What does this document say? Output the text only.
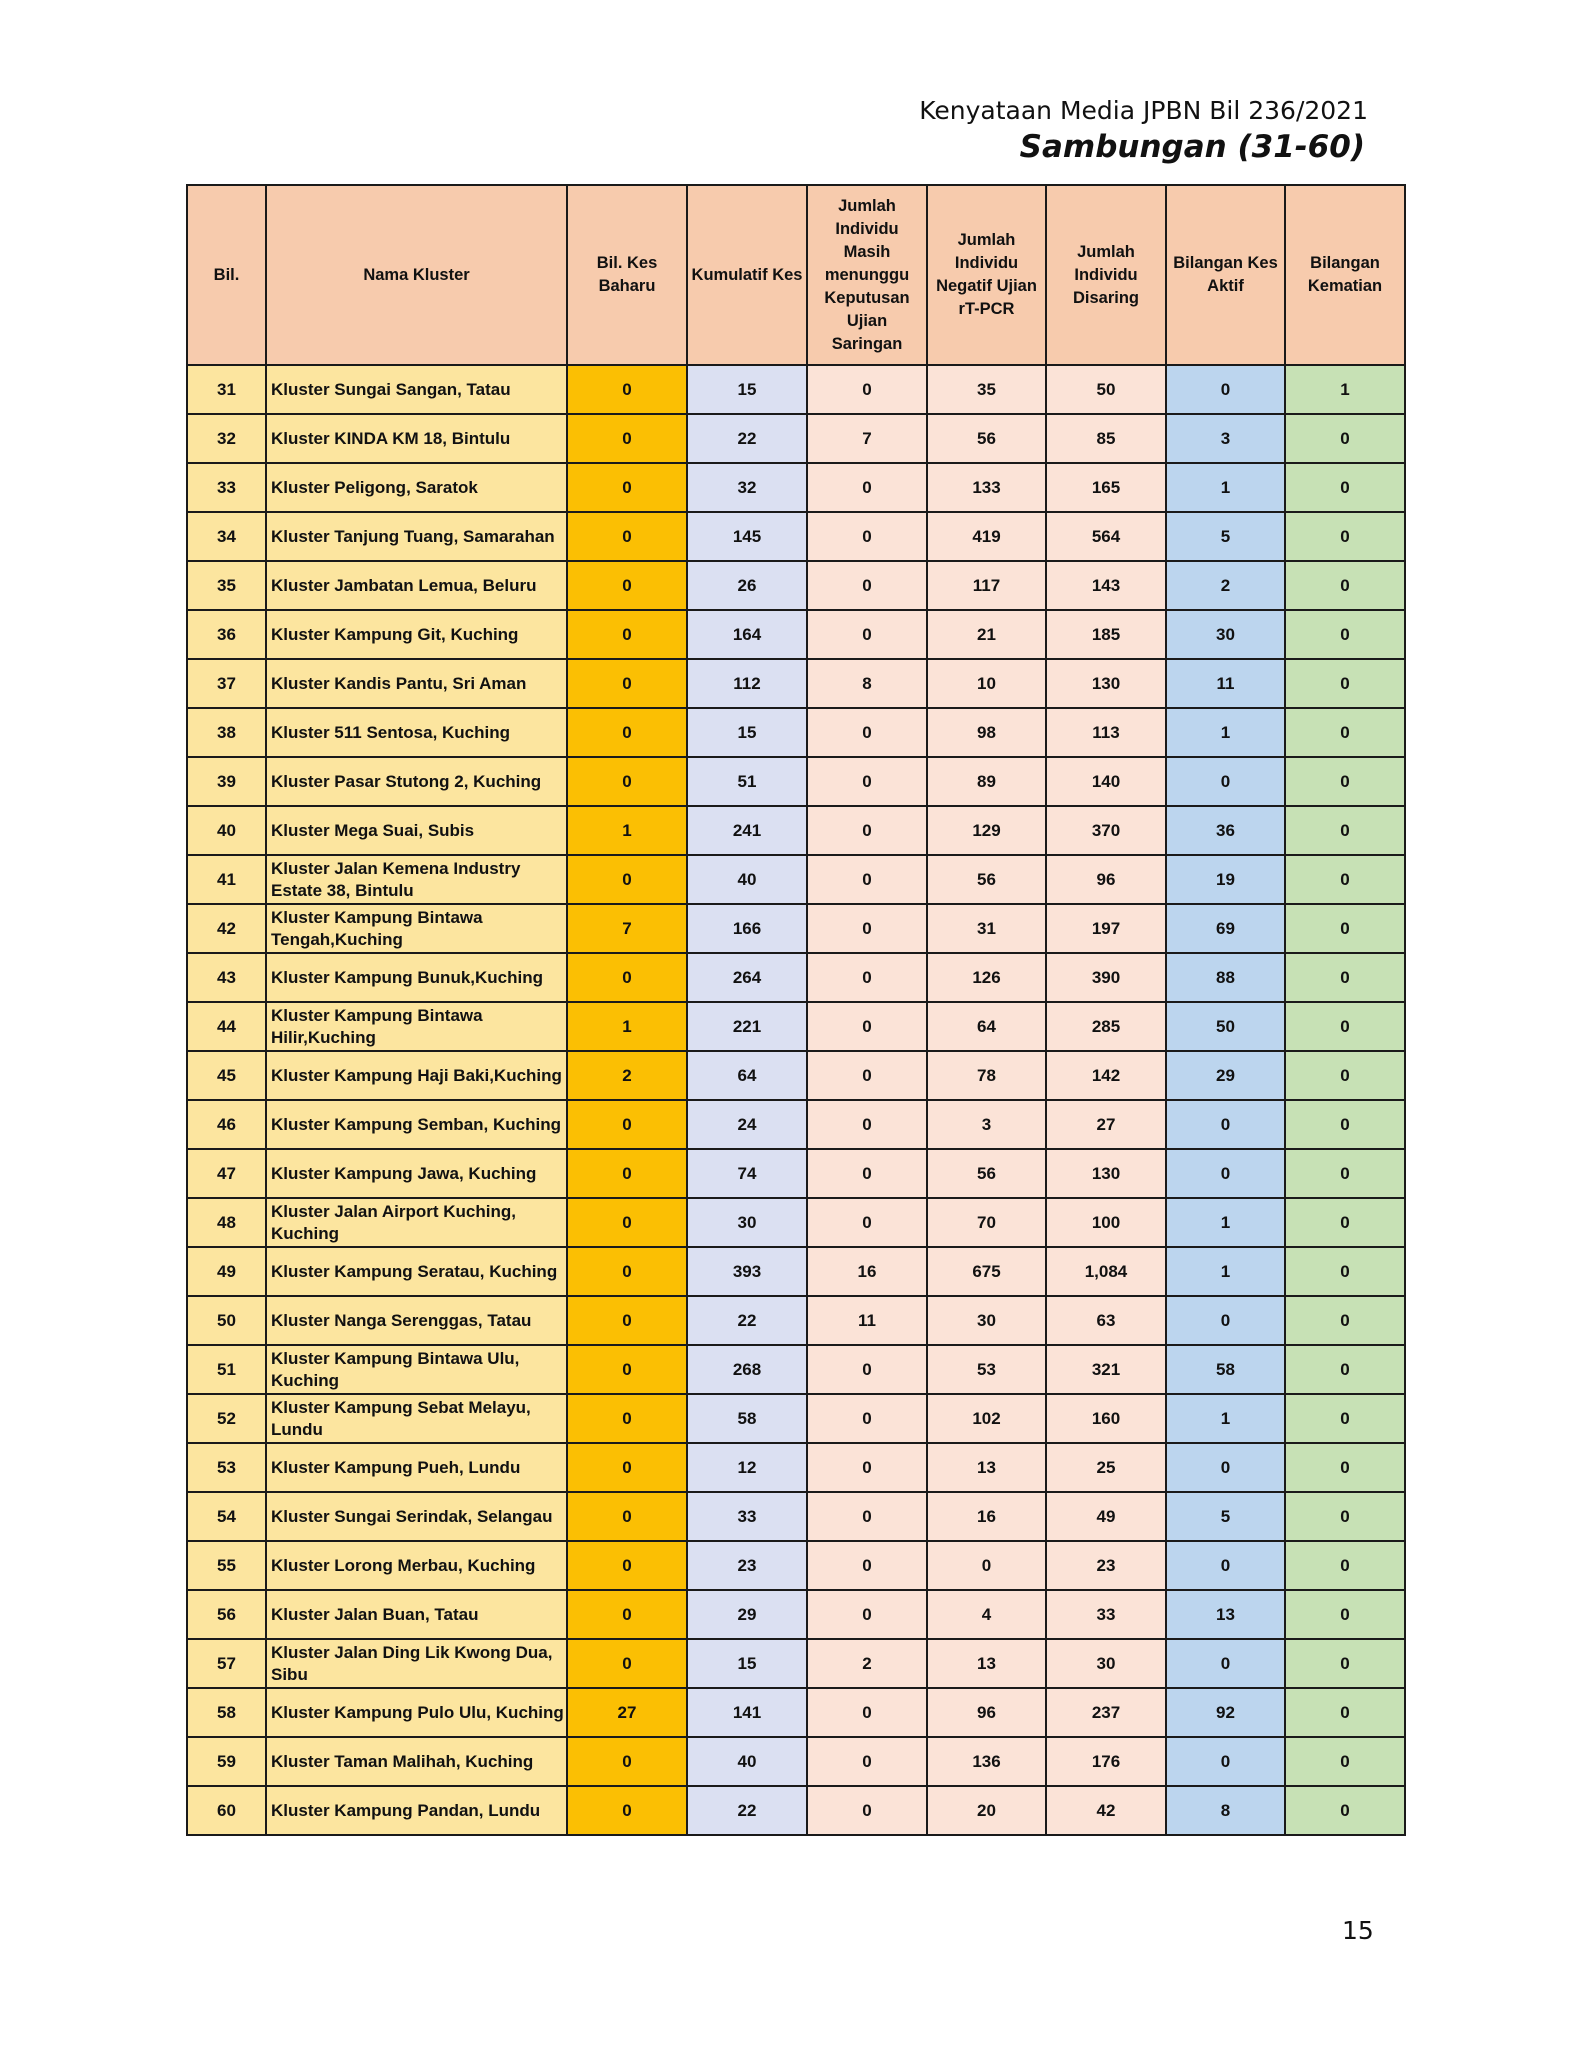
Kenyataan Media JPBN Bil 236/2021
Sambungan (31-60)
Bil.	Nama Kluster	Bil. Kes Baharu	Kumulatif Kes	Jumlah Individu Masih menunggu Keputusan Ujian Saringan	Jumlah Individu Negatif Ujian rT-PCR	Jumlah Individu Disaring	Bilangan Kes Aktif	Bilangan Kematian
31	Kluster Sungai Sangan, Tatau	0	15	0	35	50	0	1
32	Kluster KINDA KM 18, Bintulu	0	22	7	56	85	3	0
33	Kluster Peligong, Saratok	0	32	0	133	165	1	0
34	Kluster Tanjung Tuang, Samarahan	0	145	0	419	564	5	0
35	Kluster Jambatan Lemua, Beluru	0	26	0	117	143	2	0
36	Kluster Kampung Git, Kuching	0	164	0	21	185	30	0
37	Kluster Kandis Pantu, Sri Aman	0	112	8	10	130	11	0
38	Kluster 511 Sentosa, Kuching	0	15	0	98	113	1	0
39	Kluster Pasar Stutong 2, Kuching	0	51	0	89	140	0	0
40	Kluster Mega Suai, Subis	1	241	0	129	370	36	0
41	Kluster Jalan Kemena Industry Estate 38, Bintulu	0	40	0	56	96	19	0
42	Kluster Kampung Bintawa Tengah,Kuching	7	166	0	31	197	69	0
43	Kluster Kampung Bunuk,Kuching	0	264	0	126	390	88	0
44	Kluster Kampung Bintawa Hilir,Kuching	1	221	0	64	285	50	0
45	Kluster Kampung Haji Baki,Kuching	2	64	0	78	142	29	0
46	Kluster Kampung Semban, Kuching	0	24	0	3	27	0	0
47	Kluster Kampung Jawa, Kuching	0	74	0	56	130	0	0
48	Kluster Jalan Airport Kuching, Kuching	0	30	0	70	100	1	0
49	Kluster Kampung Seratau, Kuching	0	393	16	675	1,084	1	0
50	Kluster Nanga Serenggas, Tatau	0	22	11	30	63	0	0
51	Kluster Kampung Bintawa Ulu, Kuching	0	268	0	53	321	58	0
52	Kluster Kampung Sebat Melayu, Lundu	0	58	0	102	160	1	0
53	Kluster Kampung Pueh, Lundu	0	12	0	13	25	0	0
54	Kluster Sungai Serindak, Selangau	0	33	0	16	49	5	0
55	Kluster Lorong Merbau, Kuching	0	23	0	0	23	0	0
56	Kluster Jalan Buan, Tatau	0	29	0	4	33	13	0
57	Kluster Jalan Ding Lik Kwong Dua, Sibu	0	15	2	13	30	0	0
58	Kluster Kampung Pulo Ulu, Kuching	27	141	0	96	237	92	0
59	Kluster Taman Malihah, Kuching	0	40	0	136	176	0	0
60	Kluster Kampung Pandan, Lundu	0	22	0	20	42	8	0
15
